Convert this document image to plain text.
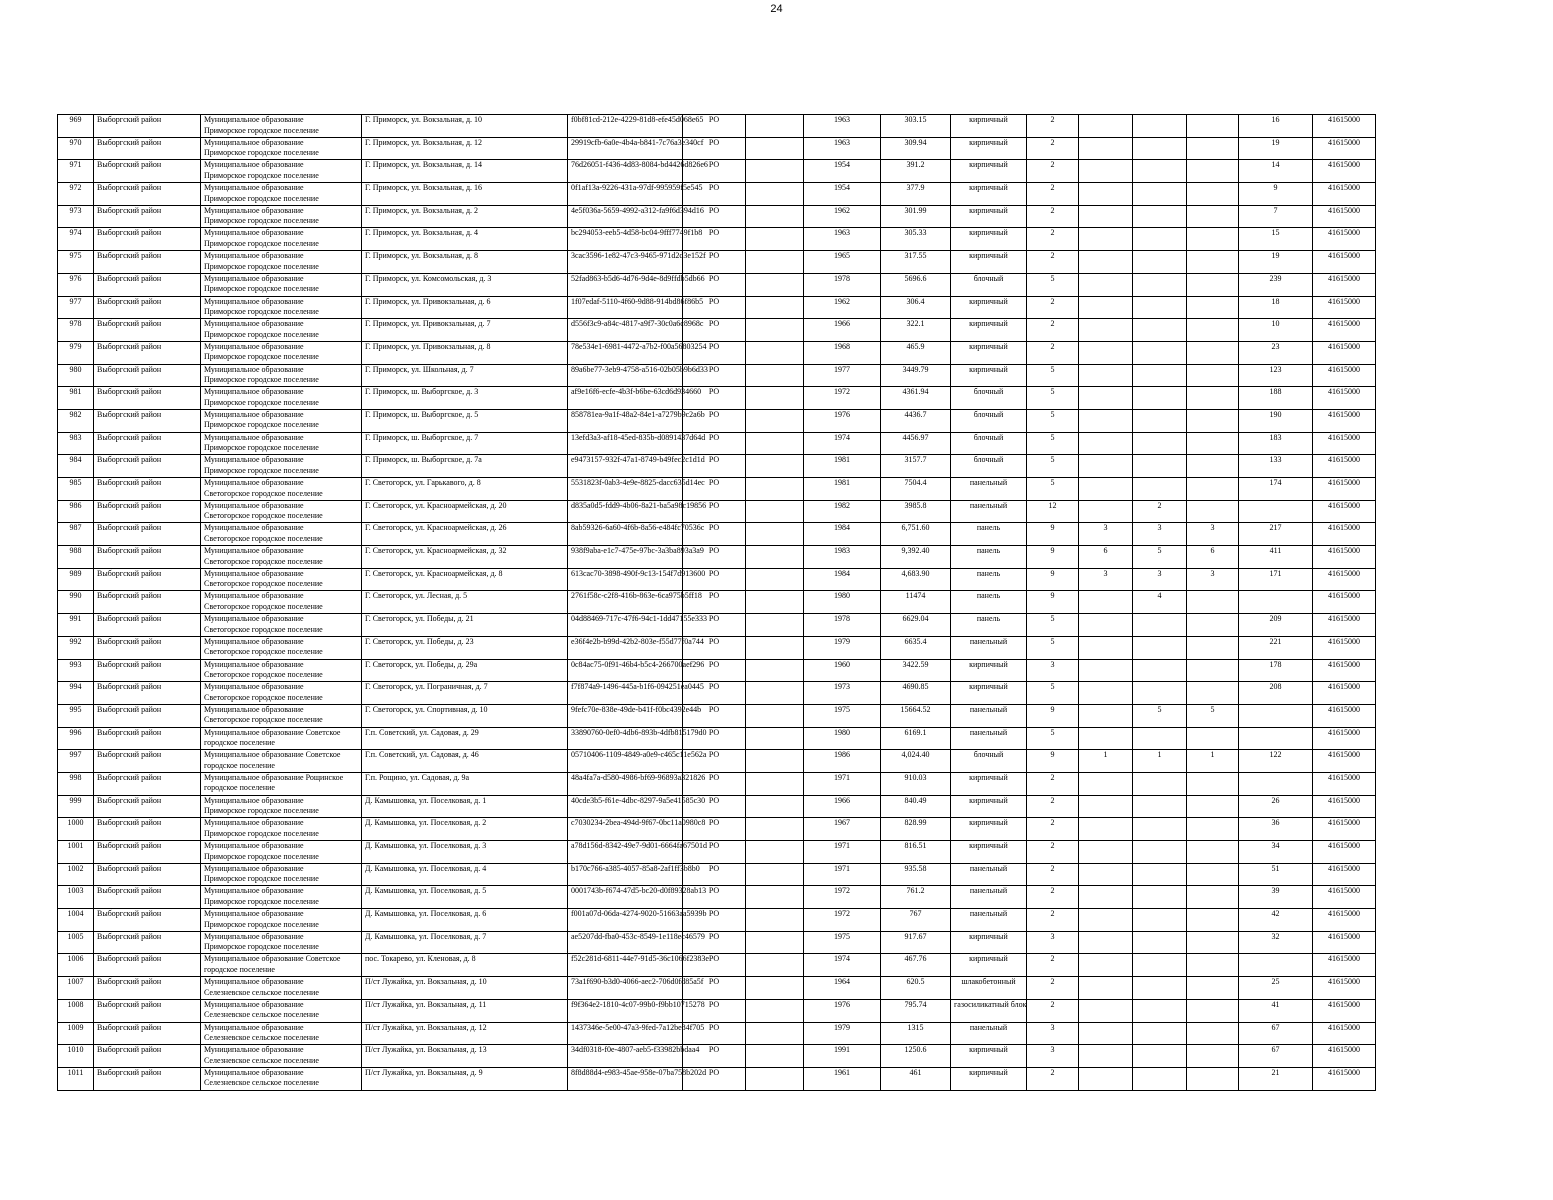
24
969	Выборгский район	Муниципальное образование
Приморское городское поселение	Г. Приморск, ул. Вокзальная, д. 10	f0bf81cd-212e-4229-81d8-efe45d068e65	РО		1963	303.15	кирпичный	2				16	41615000
970	Выборгский район	Муниципальное образование
Приморское городское поселение	Г. Приморск, ул. Вокзальная, д. 12	29919cfb-6a0e-4b4a-b841-7c76a3e340cf	РО		1963	309.94	кирпичный	2				19	41615000
971	Выборгский район	Муниципальное образование
Приморское городское поселение	Г. Приморск, ул. Вокзальная, д. 14	76d26051-f436-4d83-8084-bd4426d826e6	РО		1954	391.2	кирпичный	2				14	41615000
972	Выборгский район	Муниципальное образование
Приморское городское поселение	Г. Приморск, ул. Вокзальная, д. 16	0f1af13a-9226-431a-97df-995959f5e545	РО		1954	377.9	кирпичный	2				9	41615000
973	Выборгский район	Муниципальное образование
Приморское городское поселение	Г. Приморск, ул. Вокзальная, д. 2	4e5f036a-5659-4992-a312-fa9f6d394d16	РО		1962	301.99	кирпичный	2				7	41615000
974	Выборгский район	Муниципальное образование
Приморское городское поселение	Г. Приморск, ул. Вокзальная, д. 4	bc294053-eeb5-4d58-bc04-9fff7749f1b8	РО		1963	305.33	кирпичный	2				15	41615000
975	Выборгский район	Муниципальное образование
Приморское городское поселение	Г. Приморск, ул. Вокзальная, д. 8	3cac3596-1e82-47c3-9465-971d2d3e152f	РО		1965	317.55	кирпичный	2				19	41615000
976	Выборгский район	Муниципальное образование
Приморское городское поселение	Г. Приморск, ул. Комсомольская, д. 3	52fad863-b5d6-4d76-9d4e-8d9ffdb5db66	РО		1978	5696.6	блочный	5				239	41615000
977	Выборгский район	Муниципальное образование
Приморское городское поселение	Г. Приморск, ул. Привокзальная, д. 6	1f07edaf-5110-4f60-9d88-914bd86f86b5	РО		1962	306.4	кирпичный	2				18	41615000
978	Выборгский район	Муниципальное образование
Приморское городское поселение	Г. Приморск, ул. Привокзальная, д. 7	d556f3c9-a84c-4817-a9f7-30c0a6c8968c	РО		1966	322.1	кирпичный	2				10	41615000
979	Выборгский район	Муниципальное образование
Приморское городское поселение	Г. Приморск, ул. Привокзальная, д. 8	78e534e1-6981-4472-a7b2-f00a56803254	РО		1968	465.9	кирпичный	2				23	41615000
980	Выборгский район	Муниципальное образование
Приморское городское поселение	Г. Приморск, ул. Школьная, д. 7	89a6be77-3eb9-4758-a516-02b05b9b6d33	РО		1977	3449.79	кирпичный	5				123	41615000
981	Выборгский район	Муниципальное образование
Приморское городское поселение	Г. Приморск, ш. Выборгское, д. 3	af9e16f6-ecfe-4b3f-b6be-63cd6d934660	РО		1972	4361.94	блочный	5				188	41615000
982	Выборгский район	Муниципальное образование
Приморское городское поселение	Г. Приморск, ш. Выборгское, д. 5	858781ea-9a1f-48a2-84e1-a7279b9c2a6b	РО		1976	4436.7	блочный	5				190	41615000
983	Выборгский район	Муниципальное образование
Приморское городское поселение	Г. Приморск, ш. Выборгское, д. 7	13efd3a3-af18-45ed-835b-d0891437d64d	РО		1974	4456.97	блочный	5				183	41615000
984	Выборгский район	Муниципальное образование
Приморское городское поселение	Г. Приморск, ш. Выборгское, д. 7а	e9473157-932f-47a1-8749-b49fec2c1d1d	РО		1981	3157.7	блочный	5				133	41615000
985	Выборгский район	Муниципальное образование
Светогорское городское поселение	Г. Светогорск, ул. Гарькавого, д. 8	5531823f-0ab3-4e9e-8825-dacc635d14ec	РО		1981	7504.4	панельный	5				174	41615000
986	Выборгский район	Муниципальное образование
Светогорское городское поселение	Г. Светогорск, ул. Красноармейская, д. 20	d835a0d5-fdd9-4b06-8a21-ba5a98c19856	РО		1982	3985.8	панельный	12		2			41615000
987	Выборгский район	Муниципальное образование
Светогорское городское поселение	Г. Светогорск, ул. Красноармейская, д. 26	8ab59326-6a60-4f6b-8a56-e484fc70536c	РО		1984	6,751.60	панель	9	3	3	3	217	41615000
988	Выборгский район	Муниципальное образование
Светогорское городское поселение	Г. Светогорск, ул. Красноармейская, д. 32	938f9aba-e1c7-475e-97bc-3a3ba893a3a9	РО		1983	9,392.40	панель	9	6	5	6	411	41615000
989	Выборгский район	Муниципальное образование
Светогорское городское поселение	Г. Светогорск, ул. Красноармейская, д. 8	613cac70-3898-490f-9c13-154f7d913600	РО		1984	4,683.90	панель	9	3	3	3	171	41615000
990	Выборгский район	Муниципальное образование
Светогорское городское поселение	Г. Светогорск, ул. Лесная, д. 5	2761f58c-c2f8-416b-863e-6ca975b5ff18	РО		1980	11474	панель	9		4			41615000
991	Выборгский район	Муниципальное образование
Светогорское городское поселение	Г. Светогорск, ул. Победы, д. 21	04d88469-717c-47f6-94c1-1dd47155e333	РО		1978	6629.04	панель	5				209	41615000
992	Выборгский район	Муниципальное образование
Светогорское городское поселение	Г. Светогорск, ул. Победы, д. 23	e36f4e2b-b99d-42b2-803e-f55d77f0a744	РО		1979	6635.4	панельный	5				221	41615000
993	Выборгский район	Муниципальное образование
Светогорское городское поселение	Г. Светогорск, ул. Победы, д. 29а	0c84ac75-0f91-46b4-b5c4-266700aef296	РО		1960	3422.59	кирпичный	3				178	41615000
994	Выборгский район	Муниципальное образование
Светогорское городское поселение	Г. Светогорск, ул. Пограничная, д. 7	f7f874a9-1496-445a-b1f6-094251ea0445	РО		1973	4690.85	кирпичный	5				208	41615000
995	Выборгский район	Муниципальное образование
Светогорское городское поселение	Г. Светогорск, ул. Спортивная, д. 10	9fefc70e-838e-49de-b41f-f0bc4392e44b	РО		1975	15664.52	панельный	9		5	5		41615000
996	Выборгский район	Муниципальное образование Советское
городское поселение	Г.п. Советский, ул. Садовая, д. 29	33890760-0ef0-4db6-893b-4dfb815179d0	РО		1980	6169.1	панельный	5					41615000
997	Выборгский район	Муниципальное образование Советское
городское поселение	Г.п. Советский, ул. Садовая, д. 46	05710406-1109-4849-a0e9-c465c11e562a	РО		1986	4,024.40	блочный	9	1	1	1	122	41615000
998	Выборгский район	Муниципальное образование Рощинское
городское поселение	Г.п. Рощино, ул. Садовая, д. 9а	48a4fa7a-d580-4986-bf69-96893a321826	РО		1971	910.03	кирпичный	2					41615000
999	Выборгский район	Муниципальное образование
Приморское городское поселение	Д. Камышовка, ул. Поселковая, д. 1	40cde3b5-f61e-4dbc-8297-9a5e41585c30	РО		1966	840.49	кирпичный	2				26	41615000
1000	Выборгский район	Муниципальное образование
Приморское городское поселение	Д. Камышовка, ул. Поселковая, д. 2	c7030234-2bea-494d-9f67-0bc11a0980c8	РО		1967	828.99	кирпичный	2				36	41615000
1001	Выборгский район	Муниципальное образование
Приморское городское поселение	Д. Камышовка, ул. Поселковая, д. 3	a78d156d-8342-49e7-9d01-6664fa67501d	РО		1971	816.51	кирпичный	2				34	41615000
1002	Выборгский район	Муниципальное образование
Приморское городское поселение	Д. Камышовка, ул. Поселковая, д. 4	b170c766-a385-4057-85a8-2af1ff3b8b0	РО		1971	935.58	панельный	2				51	41615000
1003	Выборгский район	Муниципальное образование
Приморское городское поселение	Д. Камышовка, ул. Поселковая, д. 5	0001743b-f674-47d5-bc20-d0f89328ab13	РО		1972	761.2	панельный	2				39	41615000
1004	Выборгский район	Муниципальное образование
Приморское городское поселение	Д. Камышовка, ул. Поселковая, д. 6	f001a07d-06da-4274-9020-51663aa5939b	РО		1972	767	панельный	2				42	41615000
1005	Выборгский район	Муниципальное образование
Приморское городское поселение	Д. Камышовка, ул. Поселковая, д. 7	ae5207dd-fba0-453c-8549-1e118ec46579	РО		1975	917.67	кирпичный	3				32	41615000
1006	Выборгский район	Муниципальное образование Советское
городское поселение	пос. Токарево, ул. Кленовая, д. 8	f52c281d-6811-44e7-91d5-36c1066f2383e	РО		1974	467.76	кирпичный	2					41615000
1007	Выборгский район	Муниципальное образование
Селезневское сельское поселение	П/ст Лужайка, ул. Вокзальная, д. 10	73a1f690-b3d0-4066-aec2-706d0fd85a5f	РО		1964	620.5	шлакобетонный	2				25	41615000
1008	Выборгский район	Муниципальное образование
Селезневское сельское поселение	П/ст Лужайка, ул. Вокзальная, д. 11	f9f364e2-1810-4c07-99b0-f9bb10715278	РО		1976	795.74	газосиликатный блок	2				41	41615000
1009	Выборгский район	Муниципальное образование
Селезневское сельское поселение	П/ст Лужайка, ул. Вокзальная, д. 12	1437346e-5e00-47a3-9fed-7a12be84f705	РО		1979	1315	панельный	3				67	41615000
1010	Выборгский район	Муниципальное образование
Селезневское сельское поселение	П/ст Лужайка, ул. Вокзальная, д. 13	34df0318-f0e-4807-aeb5-f33982bbdaa4	РО		1991	1250.6	кирпичный	3				67	41615000
1011	Выборгский район	Муниципальное образование
Селезневское сельское поселение	П/ст Лужайка, ул. Вокзальная, д. 9	8f8d88d4-e983-45ae-958e-07ba758b202d	РО		1961	461	кирпичный	2				21	41615000
